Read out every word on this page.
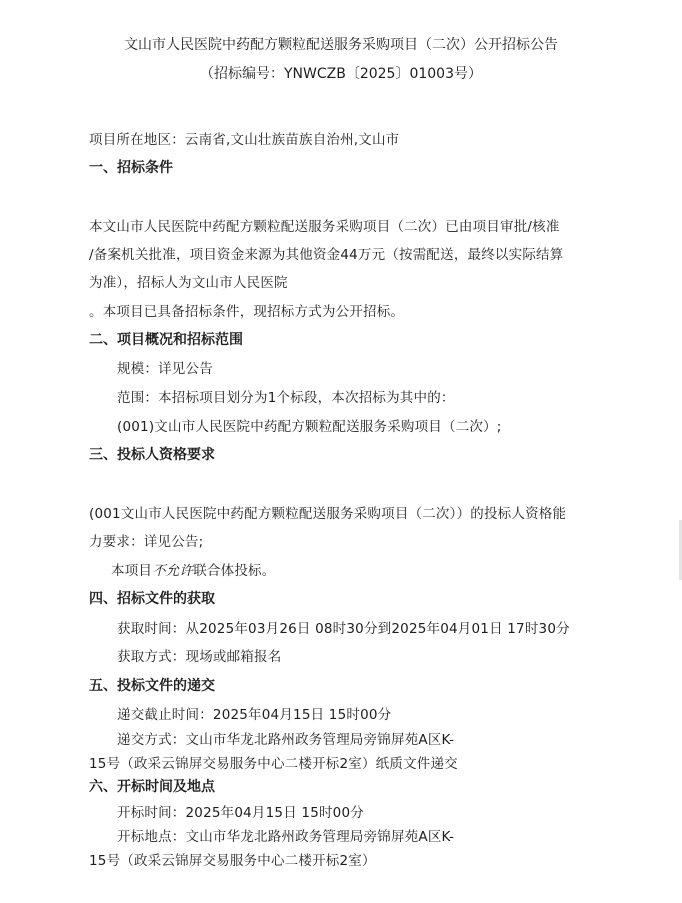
文山市人民医院中药配方颗粒配送服务采购项目（二次）公开招标公告
（招标编号：YNWCZB〔2025〕01003号）
项目所在地区：云南省,文山壮族苗族自治州,文山市
一、招标条件
本文山市人民医院中药配方颗粒配送服务采购项目（二次）已由项目审批/核准
/备案机关批准，项目资金来源为其他资金44万元（按需配送，最终以实际结算
为准），招标人为文山市人民医院
。本项目已具备招标条件，现招标方式为公开招标。
二、项目概况和招标范围
规模：详见公告
范围：本招标项目划分为1个标段，本次招标为其中的：
(001)文山市人民医院中药配方颗粒配送服务采购项目（二次）;
三、投标人资格要求
(001文山市人民医院中药配方颗粒配送服务采购项目（二次））的投标人资格能
力要求：详见公告;
本项目不允许联合体投标。
四、招标文件的获取
获取时间：从2025年03月26日 08时30分到2025年04月01日 17时30分
获取方式：现场或邮箱报名
五、投标文件的递交
递交截止时间：2025年04月15日 15时00分
递交方式：文山市华龙北路州政务管理局旁锦屏苑A区K-
15号（政采云锦屏交易服务中心二楼开标2室）纸质文件递交
六、开标时间及地点
开标时间：2025年04月15日 15时00分
开标地点：文山市华龙北路州政务管理局旁锦屏苑A区K-
15号（政采云锦屏交易服务中心二楼开标2室）
